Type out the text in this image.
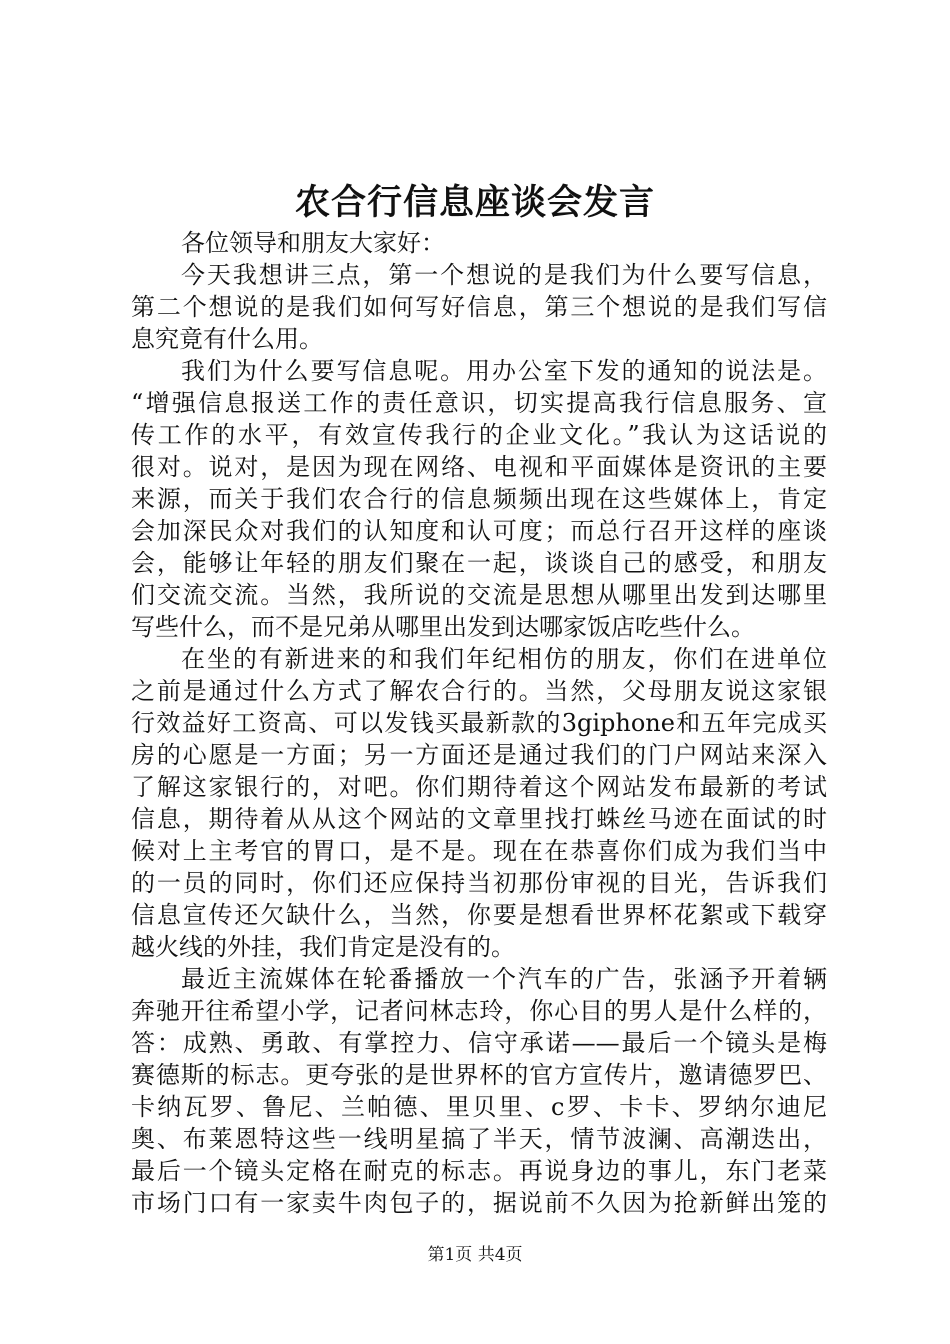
农合行信息座谈会发言
各位领导和朋友大家好：
今天我想讲三点，第一个想说的是我们为什么要写信息，
第二个想说的是我们如何写好信息，第三个想说的是我们写信
息究竟有什么用。
我们为什么要写信息呢。用办公室下发的通知的说法是。
“增强信息报送工作的责任意识，切实提高我行信息服务、宣
传工作的水平，有效宣传我行的企业文化。”我认为这话说的
很对。说对，是因为现在网络、电视和平面媒体是资讯的主要
来源，而关于我们农合行的信息频频出现在这些媒体上，肯定
会加深民众对我们的认知度和认可度；而总行召开这样的座谈
会，能够让年轻的朋友们聚在一起，谈谈自己的感受，和朋友
们交流交流。当然，我所说的交流是思想从哪里出发到达哪里
写些什么，而不是兄弟从哪里出发到达哪家饭店吃些什么。
在坐的有新进来的和我们年纪相仿的朋友，你们在进单位
之前是通过什么方式了解农合行的。当然，父母朋友说这家银
行效益好工资高、可以发钱买最新款的3giphone和五年完成买
房的心愿是一方面；另一方面还是通过我们的门户网站来深入
了解这家银行的，对吧。你们期待着这个网站发布最新的考试
信息，期待着从从这个网站的文章里找打蛛丝马迹在面试的时
候对上主考官的胃口，是不是。现在在恭喜你们成为我们当中
的一员的同时，你们还应保持当初那份审视的目光，告诉我们
信息宣传还欠缺什么，当然，你要是想看世界杯花絮或下载穿
越火线的外挂，我们肯定是没有的。
最近主流媒体在轮番播放一个汽车的广告，张涵予开着辆
奔驰开往希望小学，记者问林志玲，你心目的男人是什么样的，
答：成熟、勇敢、有掌控力、信守承诺——最后一个镜头是梅
赛德斯的标志。更夸张的是世界杯的官方宣传片，邀请德罗巴、
卡纳瓦罗、鲁尼、兰帕德、里贝里、c罗、卡卡、罗纳尔迪尼
奥、布莱恩特这些一线明星搞了半天，情节波澜、高潮迭出，
最后一个镜头定格在耐克的标志。再说身边的事儿，东门老菜
市场门口有一家卖牛肉包子的，据说前不久因为抢新鲜出笼的
第1页 共4页
